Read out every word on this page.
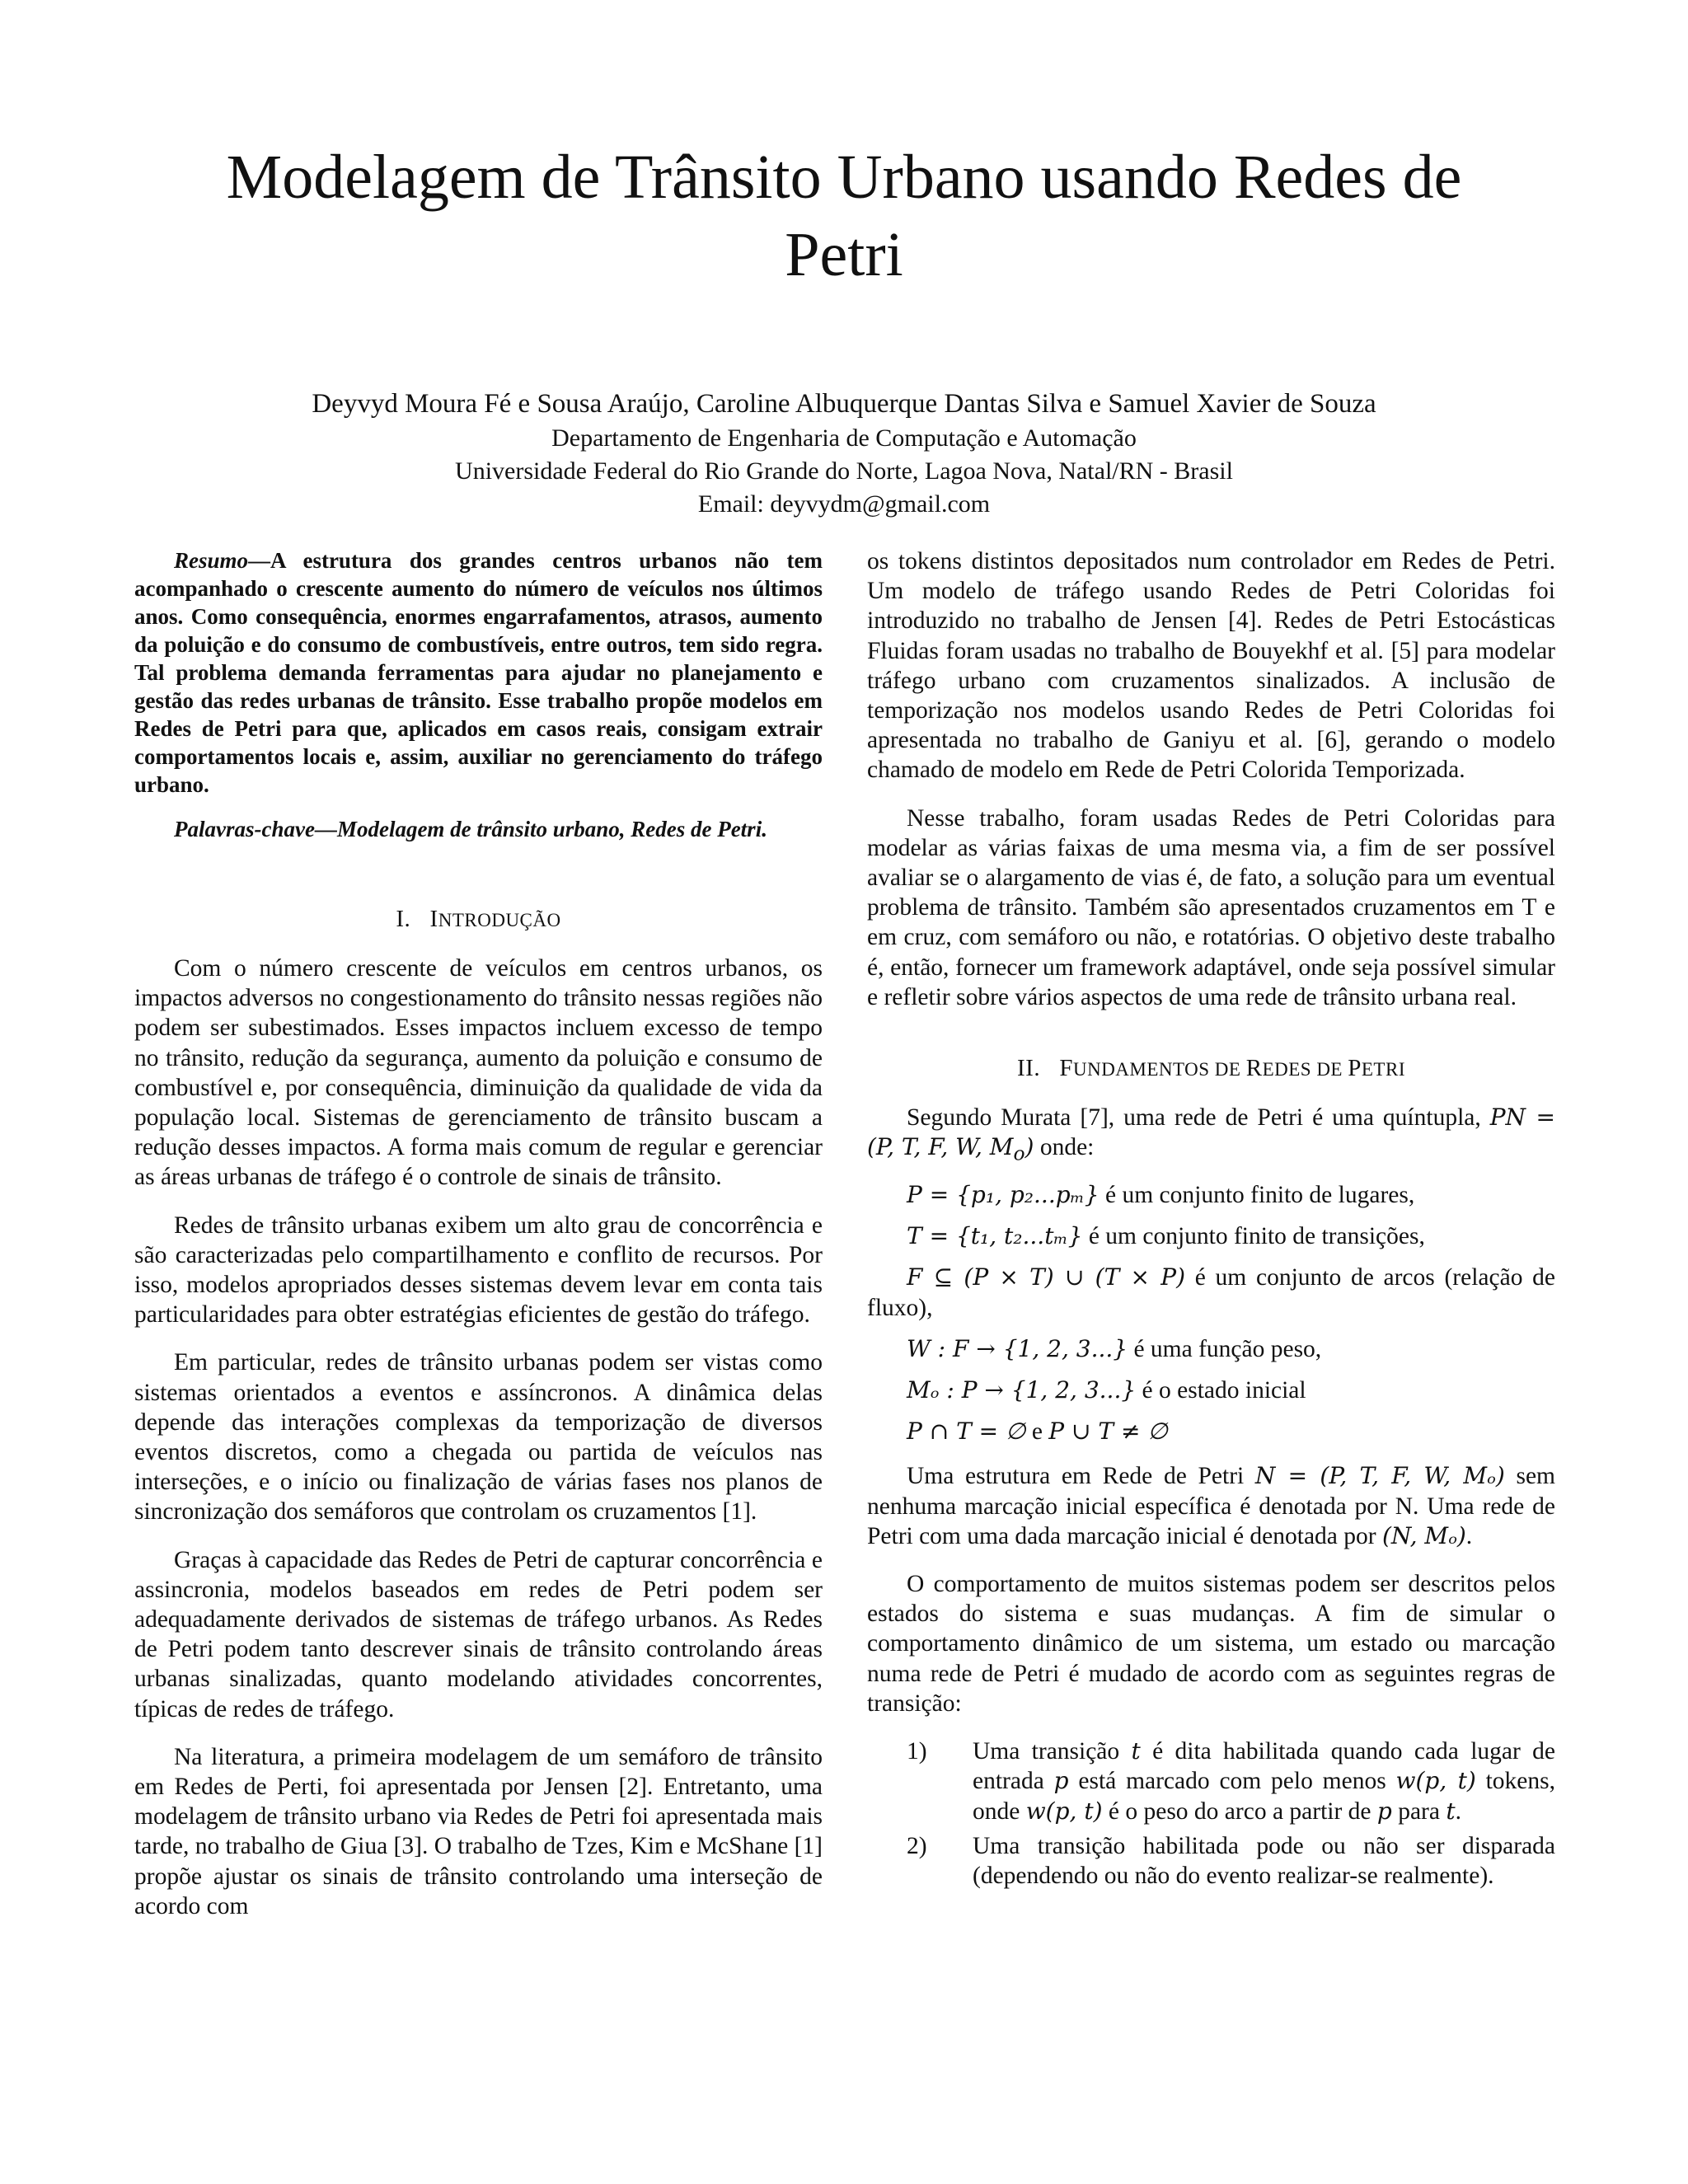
Modelagem de Trânsito Urbano usando Redes de
Petri
Deyvyd Moura Fé e Sousa Araújo, Caroline Albuquerque Dantas Silva e Samuel Xavier de Souza
Departamento de Engenharia de Computação e Automação
Universidade Federal do Rio Grande do Norte, Lagoa Nova, Natal/RN - Brasil
Email: deyvydm@gmail.com

Resumo—A estrutura dos grandes centros urbanos não tem acompanhado o crescente aumento do número de veículos nos últimos anos. Como consequência, enormes engarrafamentos, atrasos, aumento da poluição e do consumo de combustíveis, entre outros, tem sido regra. Tal problema demanda ferramentas para ajudar no planejamento e gestão das redes urbanas de trânsito. Esse trabalho propõe modelos em Redes de Petri para que, aplicados em casos reais, consigam extrair comportamentos locais e, assim, auxiliar no gerenciamento do tráfego urbano.

Palavras-chave—Modelagem de trânsito urbano, Redes de Petri.

I. INTRODUÇÃO

Com o número crescente de veículos em centros urbanos, os impactos adversos no congestionamento do trânsito nessas regiões não podem ser subestimados. Esses impactos incluem excesso de tempo no trânsito, redução da segurança, aumento da poluição e consumo de combustível e, por consequência, diminuição da qualidade de vida da população local. Sistemas de gerenciamento de trânsito buscam a redução desses impactos. A forma mais comum de regular e gerenciar as áreas urbanas de tráfego é o controle de sinais de trânsito.

Redes de trânsito urbanas exibem um alto grau de concorrência e são caracterizadas pelo compartilhamento e conflito de recursos. Por isso, modelos apropriados desses sistemas devem levar em conta tais particularidades para obter estratégias eficientes de gestão do tráfego.

Em particular, redes de trânsito urbanas podem ser vistas como sistemas orientados a eventos e assíncronos. A dinâmica delas depende das interações complexas da temporização de diversos eventos discretos, como a chegada ou partida de veículos nas interseções, e o início ou finalização de várias fases nos planos de sincronização dos semáforos que controlam os cruzamentos [1].

Graças à capacidade das Redes de Petri de capturar concorrência e assincronia, modelos baseados em redes de Petri podem ser adequadamente derivados de sistemas de tráfego urbanos. As Redes de Petri podem tanto descrever sinais de trânsito controlando áreas urbanas sinalizadas, quanto modelando atividades concorrentes, típicas de redes de tráfego.

Na literatura, a primeira modelagem de um semáforo de trânsito em Redes de Perti, foi apresentada por Jensen [2]. Entretanto, uma modelagem de trânsito urbano via Redes de Petri foi apresentada mais tarde, no trabalho de Giua [3]. O trabalho de Tzes, Kim e McShane [1] propõe ajustar os sinais de trânsito controlando uma interseção de acordo com

os tokens distintos depositados num controlador em Redes de Petri. Um modelo de tráfego usando Redes de Petri Coloridas foi introduzido no trabalho de Jensen [4]. Redes de Petri Estocásticas Fluidas foram usadas no trabalho de Bouyekhf et al. [5] para modelar tráfego urbano com cruzamentos sinalizados. A inclusão de temporização nos modelos usando Redes de Petri Coloridas foi apresentada no trabalho de Ganiyu et al. [6], gerando o modelo chamado de modelo em Rede de Petri Colorida Temporizada.

Nesse trabalho, foram usadas Redes de Petri Coloridas para modelar as várias faixas de uma mesma via, a fim de ser possível avaliar se o alargamento de vias é, de fato, a solução para um eventual problema de trânsito. Também são apresentados cruzamentos em T e em cruz, com semáforo ou não, e rotatórias. O objetivo deste trabalho é, então, fornecer um framework adaptável, onde seja possível simular e refletir sobre vários aspectos de uma rede de trânsito urbana real.

II. FUNDAMENTOS DE REDES DE PETRI

Segundo Murata [7], uma rede de Petri é uma quíntupla, PN = (P, T, F, W, $M_o$) onde:

P = {p₁, p₂...pₘ} é um conjunto finito de lugares,

T = {t₁, t₂...tₘ} é um conjunto finito de transições,

F ⊆ (P × T) ∪ (T × P) é um conjunto de arcos (relação de fluxo),

W : F → {1, 2, 3...} é uma função peso,

Mₒ : P → {1, 2, 3...} é o estado inicial

P ∩ T = ∅ e P ∪ T ≠ ∅

Uma estrutura em Rede de Petri N = (P, T, F, W, Mₒ) sem nenhuma marcação inicial específica é denotada por N. Uma rede de Petri com uma dada marcação inicial é denotada por (N, Mₒ).

O comportamento de muitos sistemas podem ser descritos pelos estados do sistema e suas mudanças. A fim de simular o comportamento dinâmico de um sistema, um estado ou marcação numa rede de Petri é mudado de acordo com as seguintes regras de transição:

1)	Uma transição t é dita habilitada quando cada lugar de entrada p está marcado com pelo menos w(p, t) tokens, onde w(p, t) é o peso do arco a partir de p para t.
2)	Uma transição habilitada pode ou não ser disparada (dependendo ou não do evento realizar-se realmente).
